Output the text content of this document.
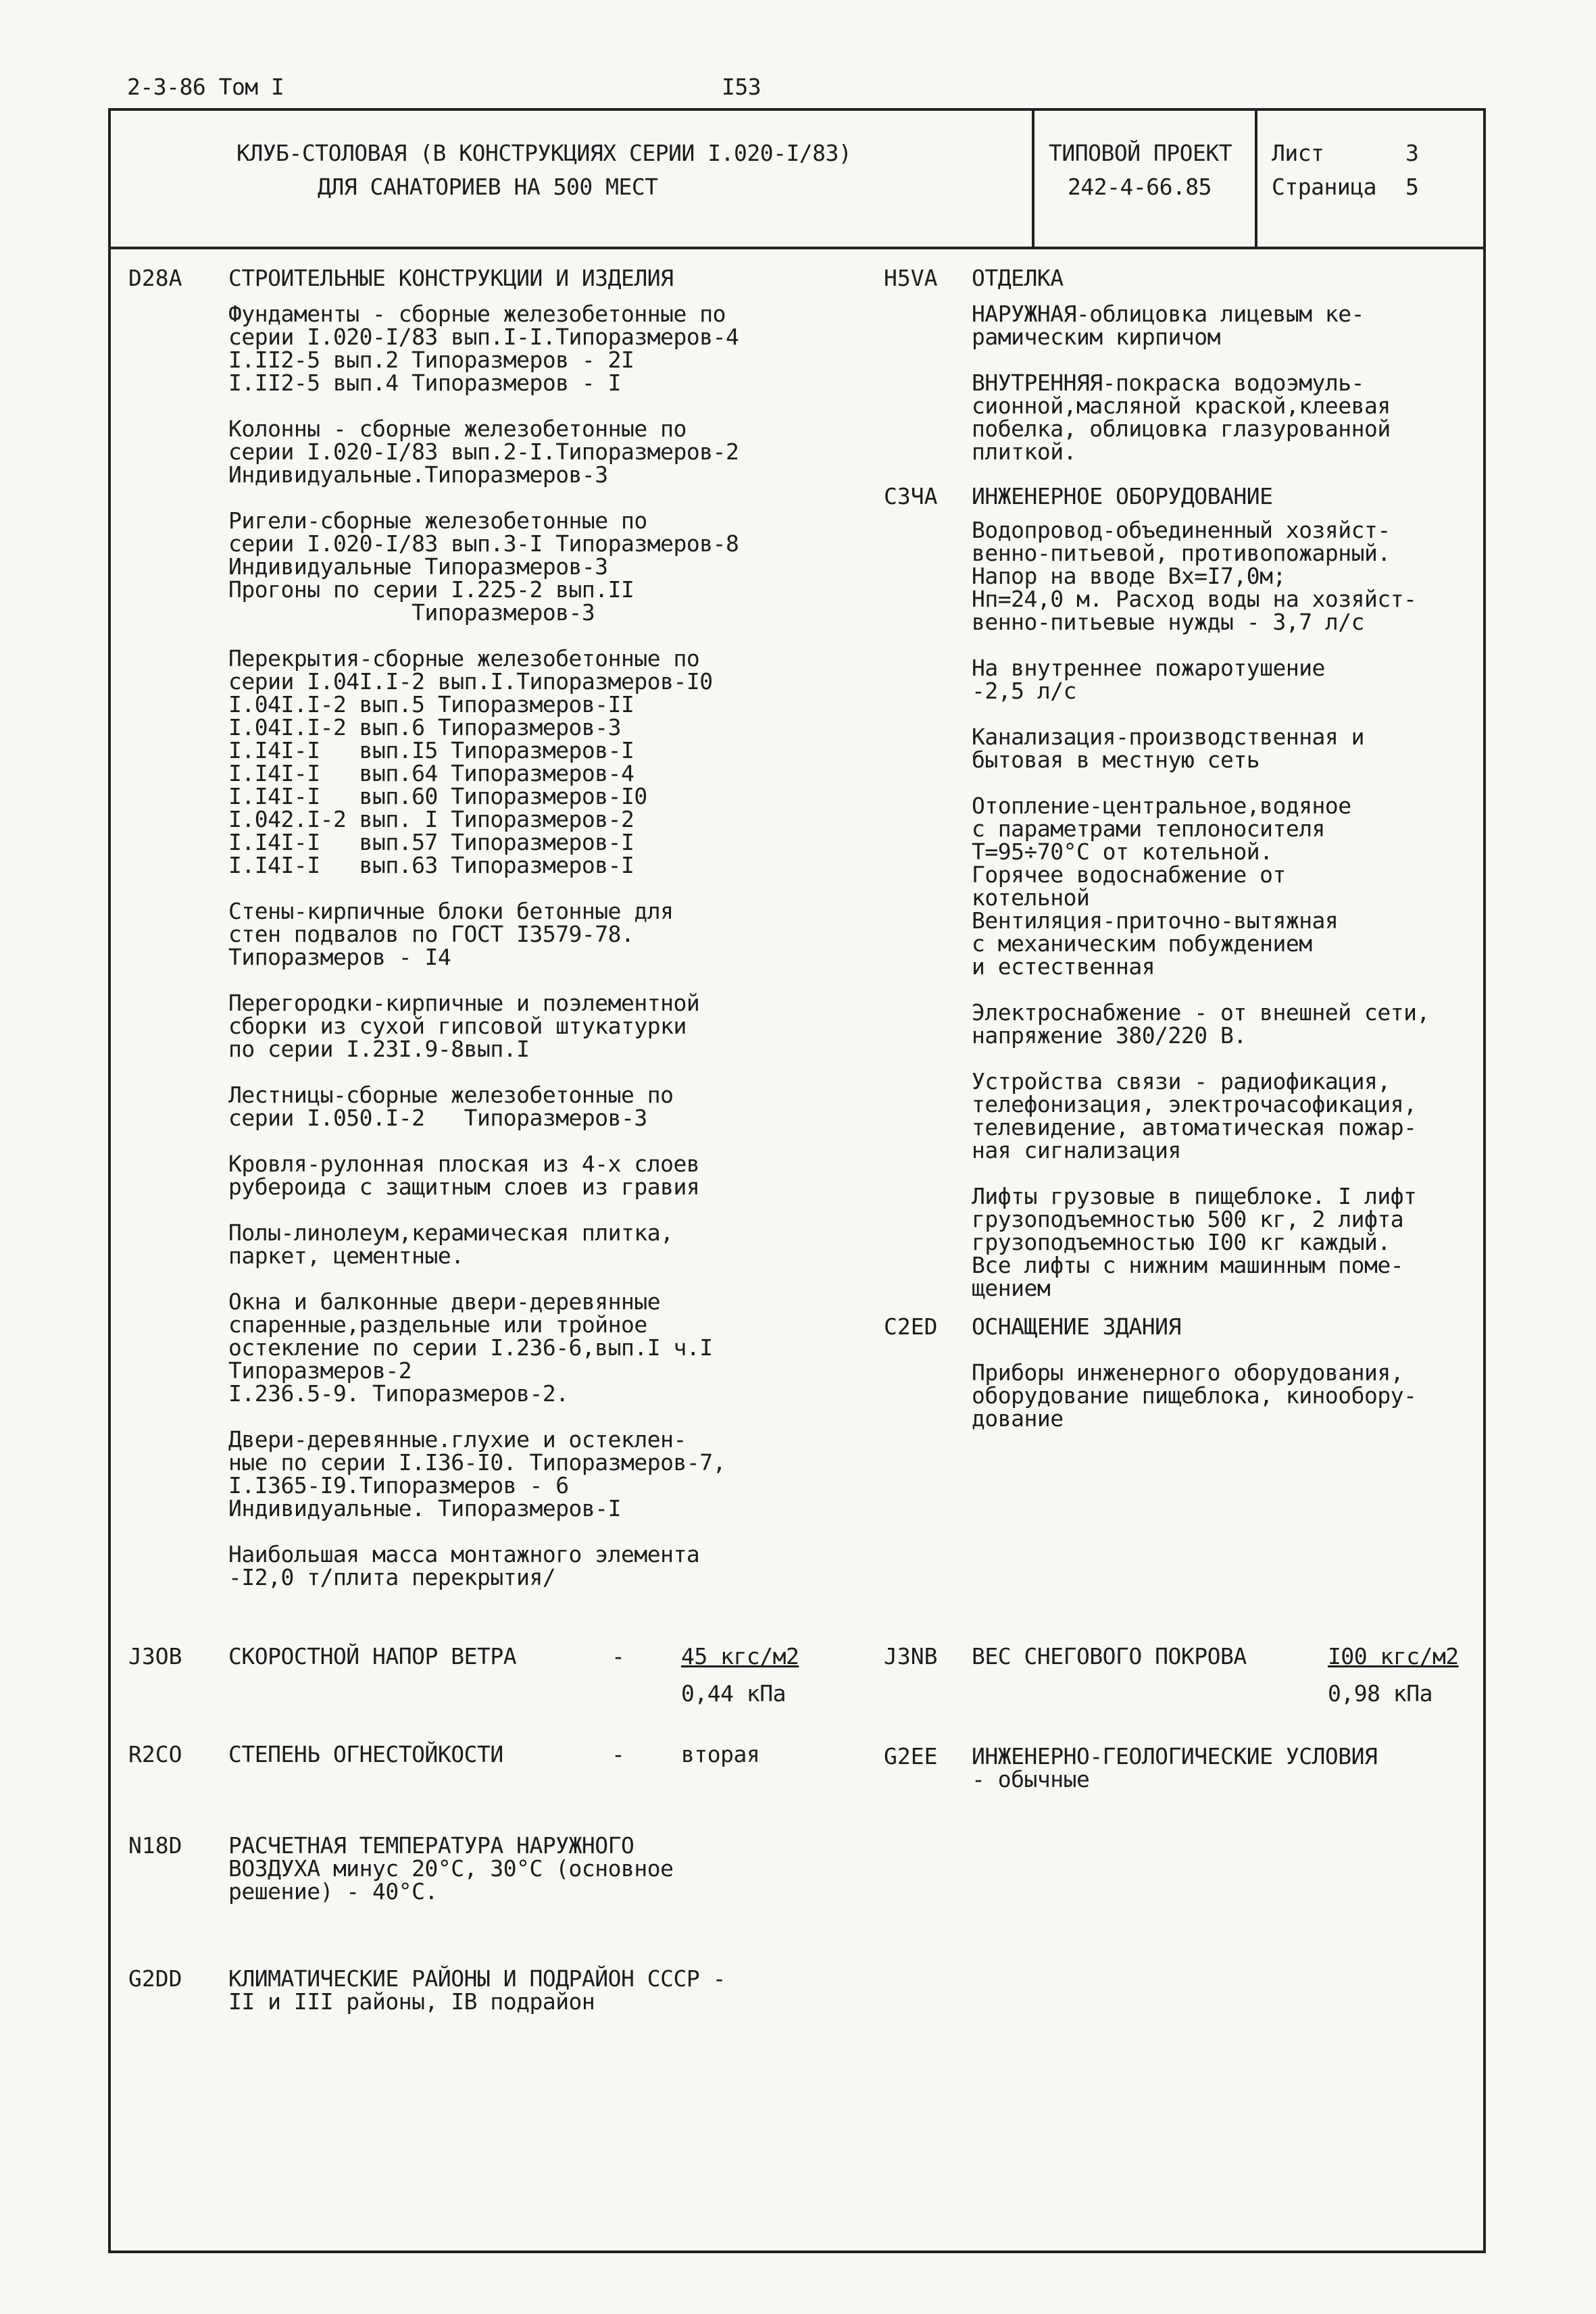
2-3-86 Том I	I53
КЛУБ-СТОЛОВАЯ (В КОНСТРУКЦИЯХ СЕРИИ I.020-I/83)
ДЛЯ САНАТОРИЕВ НА 500 МЕСТ
ТИПОВОЙ ПРОЕКТ
242-4-66.85
Лист	3
Страница 5
D28A СТРОИТЕЛЬНЫЕ КОНСТРУКЦИИ И ИЗДЕЛИЯ
Фундаменты - сборные железобетонные по
серии I.020-I/83 вып.I-I.Типоразмеров-4
I.II2-5 вып.2 Типоразмеров - 2I
I.II2-5 вып.4 Типоразмеров - I
Колонны - сборные железобетонные по
серии I.020-I/83 вып.2-I.Типоразмеров-2
Индивидуальные.Типоразмеров-3
Ригели-сборные железобетонные по
серии I.020-I/83 вып.3-I Типоразмеров-8
Индивидуальные Типоразмеров-3
Прогоны по серии I.225-2 вып.II
Типоразмеров-3
Перекрытия-сборные железобетонные по
серии I.04I.I-2 вып.I.Типоразмеров-I0
I.04I.I-2 вып.5 Типоразмеров-II
I.04I.I-2 вып.6 Типоразмеров-3
I.I4I-I   вып.I5 Типоразмеров-I
I.I4I-I   вып.64 Типоразмеров-4
I.I4I-I   вып.60 Типоразмеров-I0
I.042.I-2 вып. I Типоразмеров-2
I.I4I-I   вып.57 Типоразмеров-I
I.I4I-I   вып.63 Типоразмеров-I
Стены-кирпичные блоки бетонные для
стен подвалов по ГОСТ I3579-78.
Типоразмеров - I4
Перегородки-кирпичные и поэлементной
сборки из сухой гипсовой штукатурки
по серии I.23I.9-8вып.I
Лестницы-сборные железобетонные по
серии I.050.I-2   Типоразмеров-3
Кровля-рулонная плоская из 4-х слоев
рубероида с защитным слоев из гравия
Полы-линолеум,керамическая плитка,
паркет, цементные.
Окна и балконные двери-деревянные
спаренные,раздельные или тройное
остекление по серии I.236-6,вып.I ч.I
Типоразмеров-2
I.236.5-9. Типоразмеров-2.
Двери-деревянные.глухие и остеклен-
ные по серии I.I36-I0. Типоразмеров-7,
I.I365-I9.Типоразмеров - 6
Индивидуальные. Типоразмеров-I
Наибольшая масса монтажного элемента
-I2,0 т/плита перекрытия/
H5VA ОТДЕЛКА
НАРУЖНАЯ-облицовка лицевым ке-
рамическим кирпичом
ВНУТРЕННЯЯ-покраска водоэмуль-
сионной,масляной краской,клеевая
побелка, облицовка глазурованной
плиткой.
C3ЧA ИНЖЕНЕРНОЕ ОБОРУДОВАНИЕ
Водопровод-объединенный хозяйст-
венно-питьевой, противопожарный.
Напор на вводе Вх=I7,0м;
Нп=24,0 м. Расход воды на хозяйст-
венно-питьевые нужды - 3,7 л/с
На внутреннее пожаротушение
-2,5 л/с
Канализация-производственная и
бытовая в местную сеть
Отопление-центральное,водяное
с параметрами теплоносителя
Т=95÷70°С от котельной.
Горячее водоснабжение от
котельной
Вентиляция-приточно-вытяжная
с механическим побуждением
и естественная
Электроснабжение - от внешней сети,
напряжение 380/220 В.
Устройства связи - радиофикация,
телефонизация, электрочасофикация,
телевидение, автоматическая пожар-
ная сигнализация
Лифты грузовые в пищеблоке. I лифт
грузоподъемностью 500 кг, 2 лифта
грузоподъемностью I00 кг каждый.
Все лифты с нижним машинным поме-
щением
C2ED ОСНАЩЕНИЕ ЗДАНИЯ
Приборы инженерного оборудования,
оборудование пищеблока, кинообору-
дование
J3OB СКОРОСТНОЙ НАПОР ВЕТРА	-	45 кгс/м2
0,44 кПа
J3NB ВЕС СНЕГОВОГО ПОКРОВА	I00 кгс/м2
0,98 кПа
R2CO СТЕПЕНЬ ОГНЕСТОЙКОСТИ	-	вторая	G2EE ИНЖЕНЕРНО-ГЕОЛОГИЧЕСКИЕ УСЛОВИЯ
- обычные
N18D РАСЧЕТНАЯ ТЕМПЕРАТУРА НАРУЖНОГО
ВОЗДУХА минус 20°С, 30°С (основное
решение) - 40°С.
G2DD КЛИМАТИЧЕСКИЕ РАЙОНЫ И ПОДРАЙОН СССР -
II и III районы, IВ подрайон
